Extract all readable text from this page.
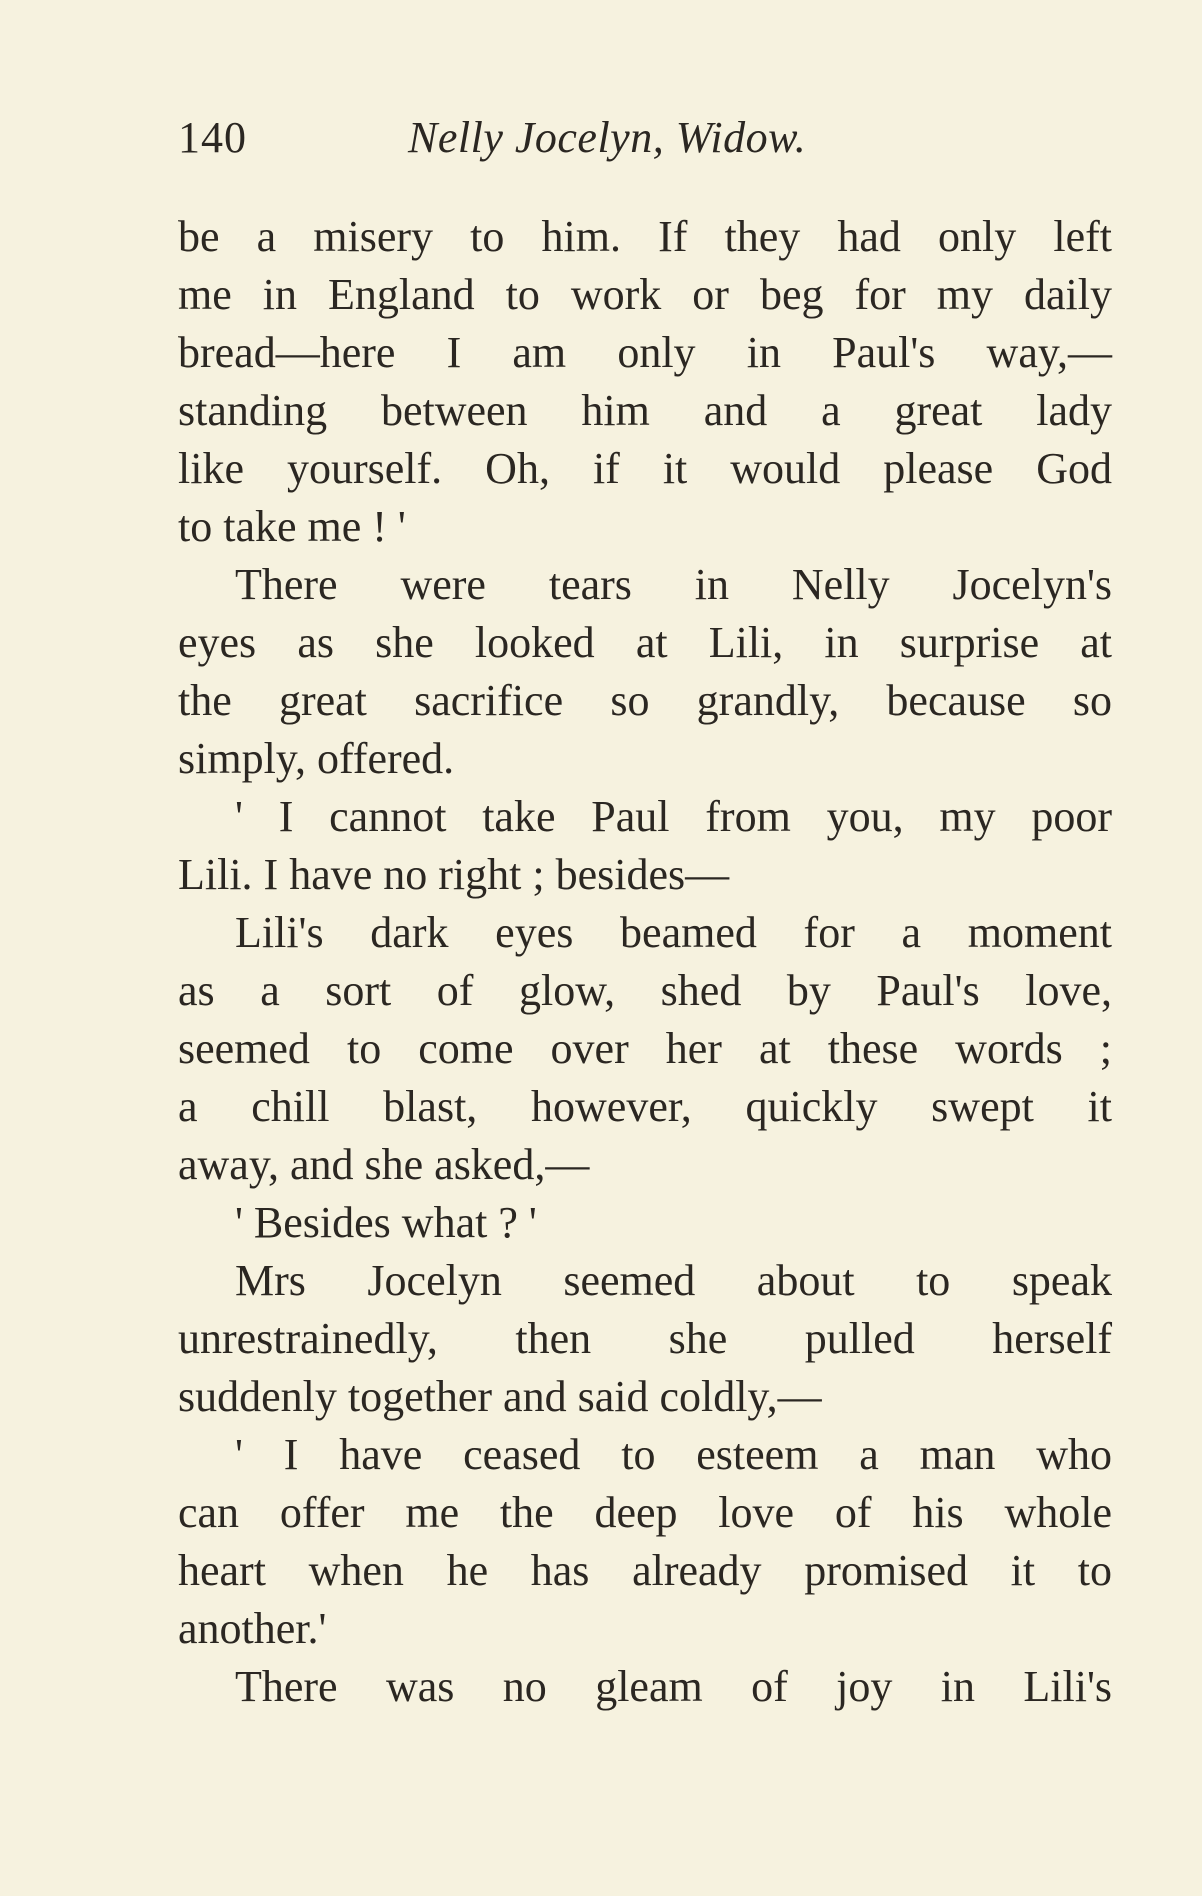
140	Nelly Jocelyn, Widow.
be a misery to him. If they had only left
me in England to work or beg for my daily
bread—here I am only in Paul's way,—
standing between him and a great lady
like yourself. Oh, if it would please God
to take me ! '
There were tears in Nelly Jocelyn's
eyes as she looked at Lili, in surprise at
the great sacrifice so grandly, because so
simply, offered.
' I cannot take Paul from you, my poor
Lili. I have no right ; besides—
Lili's dark eyes beamed for a moment
as a sort of glow, shed by Paul's love,
seemed to come over her at these words ;
a chill blast, however, quickly swept it
away, and she asked,—
' Besides what ? '
Mrs Jocelyn seemed about to speak
unrestrainedly, then she pulled herself
suddenly together and said coldly,—
' I have ceased to esteem a man who
can offer me the deep love of his whole
heart when he has already promised it to
another.'
There was no gleam of joy in Lili's
